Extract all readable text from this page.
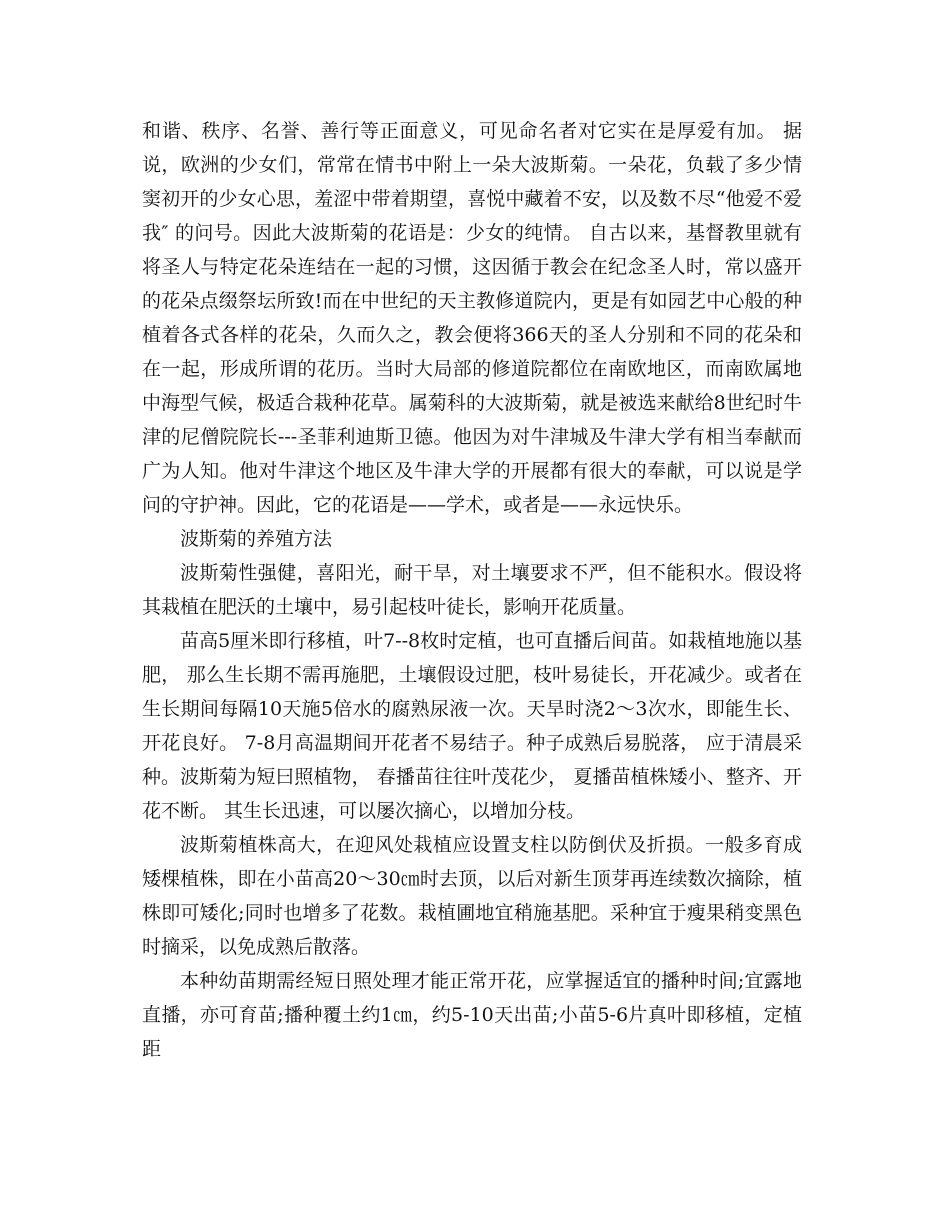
和谐、秩序、名誉、善行等正面意义，可见命名者对它实在是厚爱有加。 据说，欧洲的少女们，常常在情书中附上一朵大波斯菊。一朵花，负载了多少情窦初开的少女心思，羞涩中带着期望，喜悦中藏着不安，以及数不尽“他爱不爱我″ 的问号。因此大波斯菊的花语是：少女的纯情。 自古以来，基督教里就有将圣人与特定花朵连结在一起的习惯，这因循于教会在纪念圣人时，常以盛开的花朵点缀祭坛所致!而在中世纪的天主教修道院内，更是有如园艺中心般的种植着各式各样的花朵，久而久之，教会便将366天的圣人分别和不同的花朵和在一起，形成所谓的花历。当时大局部的修道院都位在南欧地区，而南欧属地中海型气候，极适合栽种花草。属菊科的大波斯菊，就是被选来献给8世纪时牛津的尼僧院院长---圣菲利迪斯卫德。他因为对牛津城及牛津大学有相当奉献而广为人知。他对牛津这个地区及牛津大学的开展都有很大的奉献，可以说是学问的守护神。因此，它的花语是——学术，或者是——永远快乐。

波斯菊的养殖方法

波斯菊性强健，喜阳光，耐干旱，对土壤要求不严，但不能积水。假设将其栽植在肥沃的土壤中，易引起枝叶徒长，影响开花质量。

苗高5厘米即行移植，叶7--8枚时定植，也可直播后间苗。如栽植地施以基肥， 那么生长期不需再施肥，土壤假设过肥，枝叶易徒长，开花减少。或者在生长期间每隔10天施5倍水的腐熟尿液一次。天旱时浇2～3次水，即能生长、开花良好。 7-8月高温期间开花者不易结子。种子成熟后易脱落， 应于清晨采种。波斯菊为短曰照植物， 春播苗往往叶茂花少， 夏播苗植株矮小、整齐、开花不断。 其生长迅速，可以屡次摘心，以增加分枝。

波斯菊植株高大，在迎风处栽植应设置支柱以防倒伏及折损。一般多育成矮棵植株，即在小苗高20～30㎝时去顶，以后对新生顶芽再连续数次摘除，植株即可矮化;同时也增多了花数。栽植圃地宜稍施基肥。采种宜于瘦果稍变黑色时摘采，以免成熟后散落。

本种幼苗期需经短日照处理才能正常开花，应掌握适宜的播种时间;宜露地直播，亦可育苗;播种覆土约1㎝，约5-10天出苗;小苗5-6片真叶即移植，定植距
